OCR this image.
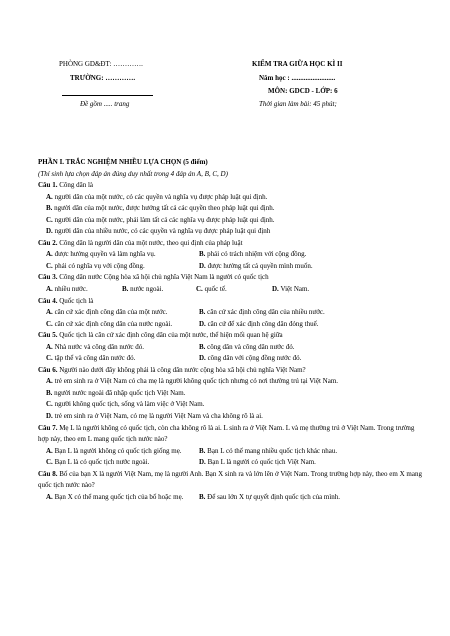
PHÒNG GD&ĐT: ………….
TRƯỜNG: ………….
Đề gồm ..... trang
KIỂM TRA GIỮA HỌC KÌ II
Năm học : .........................
MÔN: GDCD - LỚP: 6
Thời gian làm bài: 45 phút;
PHẦN I. TRẮC NGHIỆM NHIỀU LỰA CHỌN (5 điểm)
(Thí sinh lựa chọn đáp án đúng duy nhất trong 4 đáp án A, B, C, D)
Câu 1. Công dân là
A. người dân của một nước, có các quyền và nghĩa vụ được pháp luật qui định.
B. người dân của một nước, được hưởng tất cả các quyền theo pháp luật qui định.
C. người dân của một nước, phải làm tất cả các nghĩa vụ được pháp luật qui định.
D. người dân của nhiều nước, có các quyền và nghĩa vụ được pháp luật qui định
Câu 2. Công dân là người dân của một nước, theo qui định của pháp luật
A. được hưởng quyền và làm nghĩa vụ.	B. phải có trách nhiệm với cộng đồng.
C. phải có nghĩa vụ với cộng đồng.	D. được hưởng tất cả quyền mình muốn.
Câu 3. Công dân nước Cộng hòa xã hội chủ nghĩa Việt Nam là người có quốc tịch
A. nhiều nước.	B. nước ngoài.	C. quốc tế.	D. Việt Nam.
Câu 4. Quốc tịch là
A. căn cứ xác định công dân của một nước.	B. căn cứ xác định công dân của nhiều nước.
C. căn cứ xác định công dân của nước ngoài.	D. căn cứ để xác định công dân đóng thuế.
Câu 5. Quốc tịch là căn cứ xác định công dân của một nước, thể hiện mối quan hệ giữa
A. Nhà nước và công dân nước đó.	B. công dân và công dân nước đó.
C. tập thể và công dân nước đó.	D. công dân với cộng đồng nước đó.
Câu 6. Người nào dưới đây không phải là công dân nước cộng hòa xã hội chủ nghĩa Việt Nam?
A. trẻ em sinh ra ở Việt Nam có cha mẹ là người không quốc tịch nhưng có nơi thường trú tại Việt Nam.
B. người nước ngoài đã nhập quốc tịch Việt Nam.
C. người không quốc tịch, sống và làm việc ở Việt Nam.
D. trẻ em sinh ra ở Việt Nam, có mẹ là người Việt Nam và cha không rõ là ai.
Câu 7. Mẹ L là người không có quốc tịch, còn cha không rõ là ai. L sinh ra ở Việt Nam. L và mẹ thường trú ở Việt Nam. Trong trường hợp này, theo em L mang quốc tịch nước nào?
A. Bạn L là người không có quốc tịch giống mẹ.	B. Bạn L có thể mang nhiều quốc tịch khác nhau.
C. Bạn L là có quốc tịch nước ngoài.	D. Bạn L là người có quốc tịch Việt Nam.
Câu 8. Bố của bạn X là người Việt Nam, mẹ là người Anh. Bạn X sinh ra và lớn lên ở Việt Nam. Trong trường hợp này, theo em X mang quốc tịch nước nào?
A. Bạn X có thể mang quốc tịch của bố hoặc mẹ.	B. Để sau lớn X tự quyết định quốc tịch của mình.
